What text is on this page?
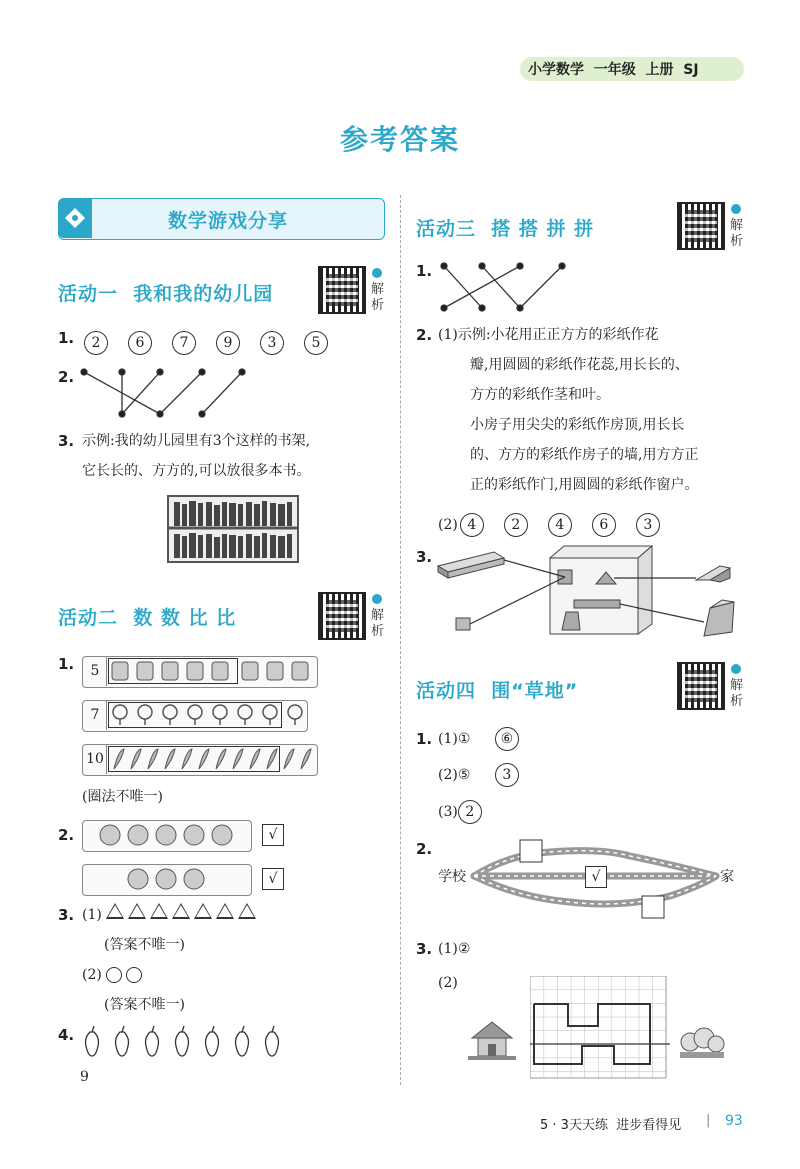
小学数学  一年级  上册  SJ
参考答案
数学游戏分享
活动一  我和我的幼儿园	解析
1.	2	6	7	9	3	5
2.
3. 示例:我的幼儿园里有3个这样的书架,
它长长的、方方的,可以放很多本书。
活动二  数 数 比 比	解析
1.	5
7
10
(圈法不唯一)
2.	√
√
3. (1)
(答案不唯一)
(2)
(答案不唯一)
4.
9
活动三  搭 搭 拼 拼	解析
1.
2. (1)示例:小花用正正方方的彩纸作花
瓣,用圆圆的彩纸作花蕊,用长长的、
方方的彩纸作茎和叶。
小房子用尖尖的彩纸作房顶,用长长
的、方方的彩纸作房子的墙,用方方正
正的彩纸作门,用圆圆的彩纸作窗户。
(2) 4	2	4	6	3
3.
活动四  围“草地”	解析
1. (1)① ⑥
(2)⑤ 3
(3) 2
2.
学校	家
√
3. (1)②
(2)
5 · 3天天练  进步看得见 | 93
